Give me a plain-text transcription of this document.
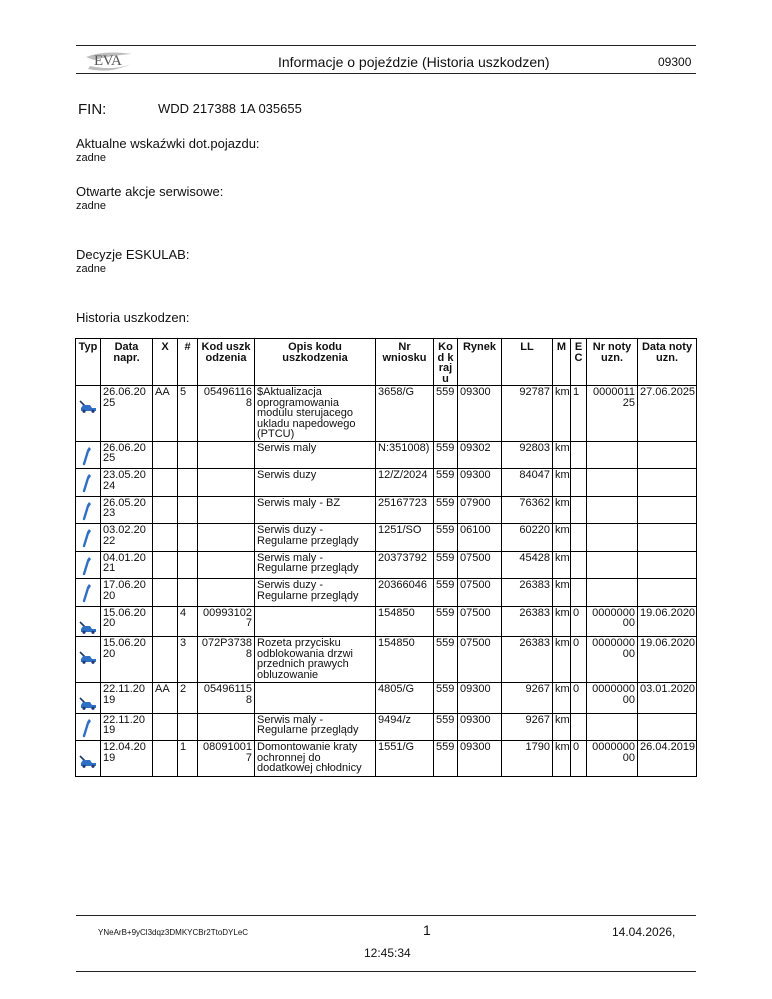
EVA	Informacje o pojeździe (Historia uszkodzen)	09300
FIN:	WDD 217388 1A 035655
Aktualne wskaźwki dot.pojazdu:
zadne
Otwarte akcje serwisowe:
zadne
Decyzje ESKULAB:
zadne
Historia uszkodzen:
Typ	Data napr.	X	#	Kod uszkodzenia	Opis kodu uszkodzenia	Nr wniosku	Kod kraju	Rynek	LL	M	EC	Nr noty uzn.	Data noty uzn.

	26.06.2025	AA	5	054961168	$Aktualizacja oprogramowania modulu sterujacego ukladu napedowego (PTCU)	3658/G	559	09300	92787	km	1	000001125	27.06.2025

	26.06.2025				Serwis maly	N:351008)	559	09302	92803	km			

	23.05.2024				Serwis duzy	12/Z/2024	559	09300	84047	km			

	26.05.2023				Serwis maly - BZ	25167723	559	07900	76362	km			

	03.02.2022				Serwis duzy - Regularne przeglądy	1251/SO	559	06100	60220	km			

	04.01.2021				Serwis maly - Regularne przeglądy	20373792	559	07500	45428	km			

	17.06.2020				Serwis duzy - Regularne przeglądy	20366046	559	07500	26383	km			

	15.06.2020		4	009931027		154850	559	07500	26383	km	0	000000000	19.06.2020

	15.06.2020		3	072P37388	Rozeta przycisku odblokowania drzwi przednich prawych obluzowanie	154850	559	07500	26383	km	0	000000000	19.06.2020

	22.11.2019	AA	2	054961158		4805/G	559	09300	9267	km	0	000000000	03.01.2020

	22.11.2019				Serwis maly - Regularne przeglądy	9494/z	559	09300	9267	km			

	12.04.2019		1	080910017	Domontowanie kraty ochronnej do dodatkowej chłodnicy	1551/G	559	09300	1790	km	0	000000000	26.04.2019
YNeArB+9yCl3dqz3DMKYCBr2TtoDYLeC	1	14.04.2026,
12:45:34
